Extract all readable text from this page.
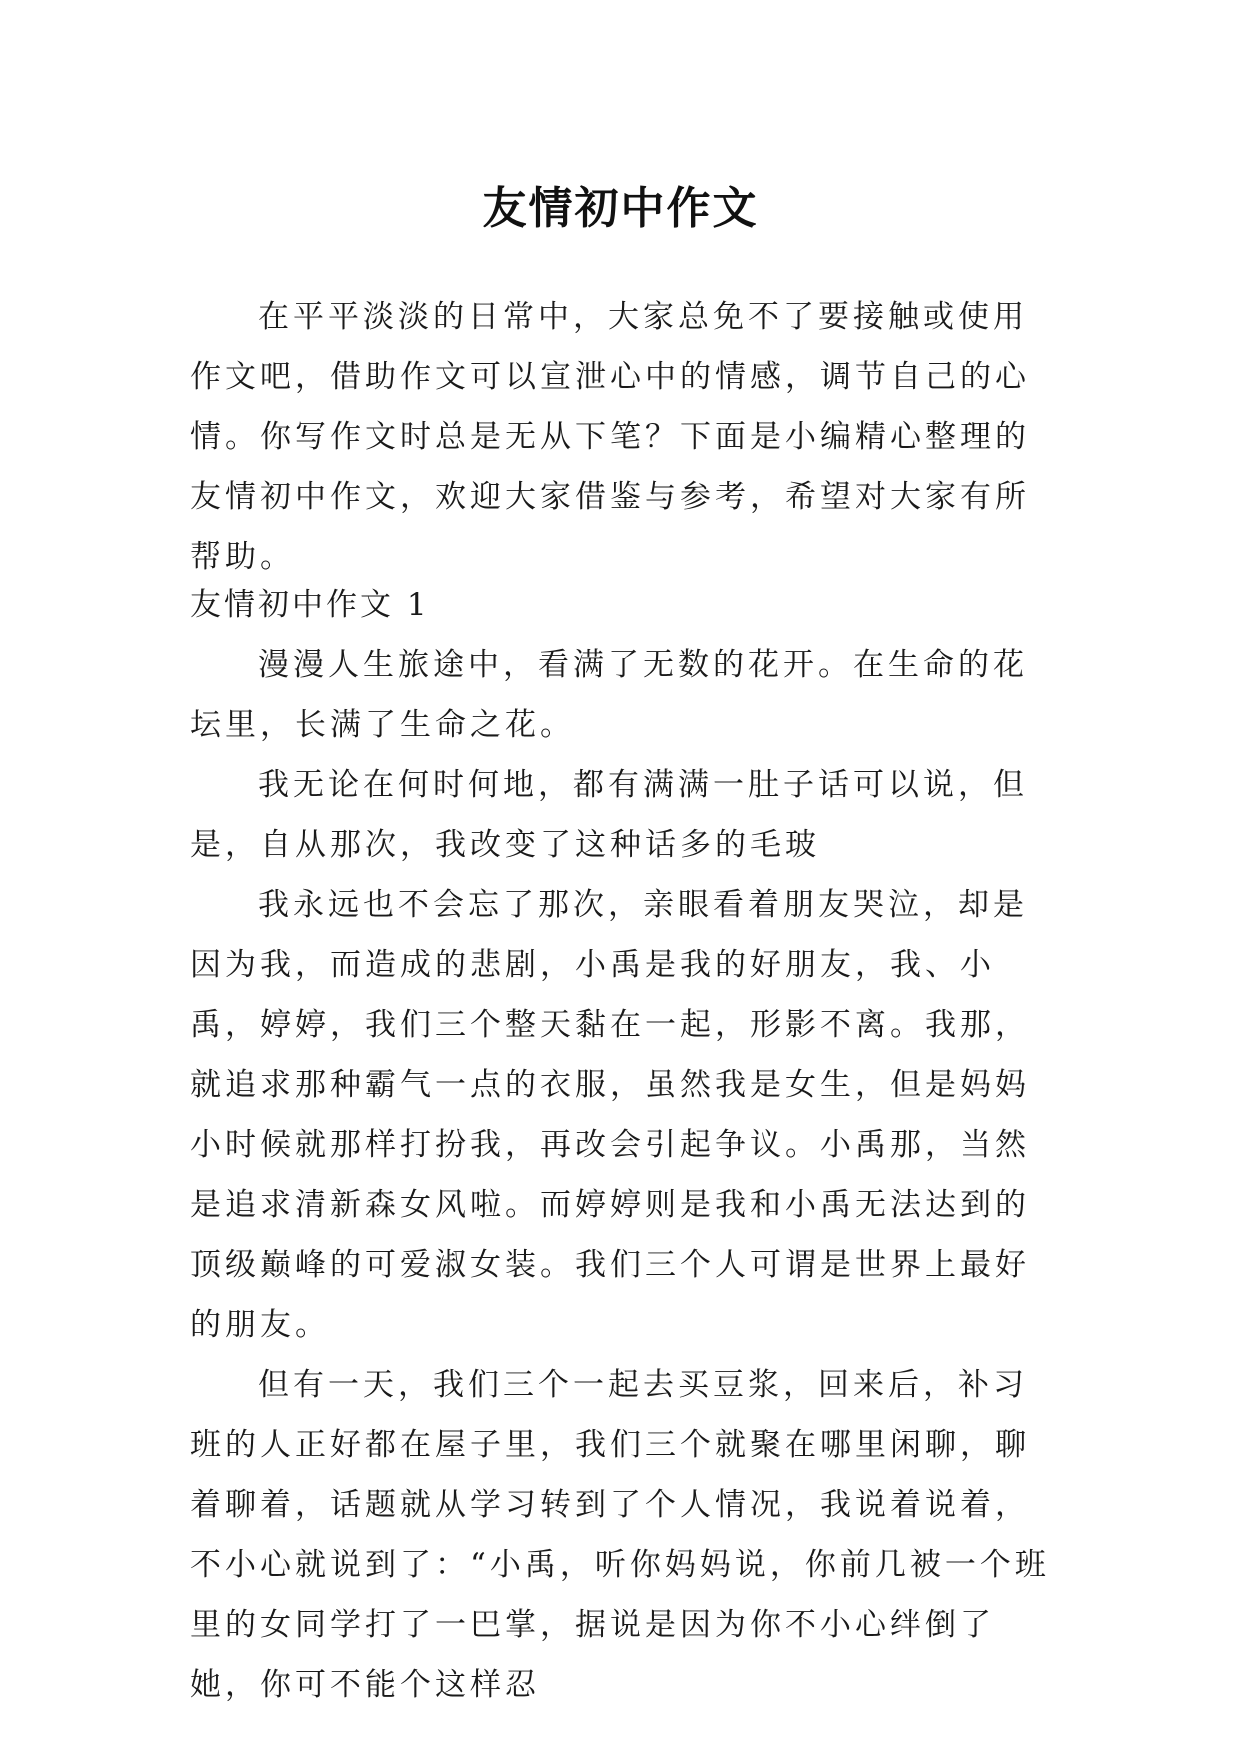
友情初中作文

在平平淡淡的日常中，大家总免不了要接触或使用作文吧，借助作文可以宣泄心中的情感，调节自己的心情。你写作文时总是无从下笔？下面是小编精心整理的友情初中作文，欢迎大家借鉴与参考，希望对大家有所帮助。

友情初中作文 1

漫漫人生旅途中，看满了无数的花开。在生命的花坛里，长满了生命之花。

我无论在何时何地，都有满满一肚子话可以说，但是，自从那次，我改变了这种话多的毛玻

我永远也不会忘了那次，亲眼看着朋友哭泣，却是因为我，而造成的悲剧，小禹是我的好朋友，我、小禹，婷婷，我们三个整天黏在一起，形影不离。我那，就追求那种霸气一点的衣服，虽然我是女生，但是妈妈小时候就那样打扮我，再改会引起争议。小禹那，当然是追求清新森女风啦。而婷婷则是我和小禹无法达到的顶级巅峰的可爱淑女装。我们三个人可谓是世界上最好的朋友。

但有一天，我们三个一起去买豆浆，回来后，补习班的人正好都在屋子里，我们三个就聚在哪里闲聊，聊着聊着，话题就从学习转到了个人情况，我说着说着，不小心就说到了：“小禹，听你妈妈说，你前几被一个班里的女同学打了一巴掌，据说是因为你不小心绊倒了她，你可不能个这样忍
